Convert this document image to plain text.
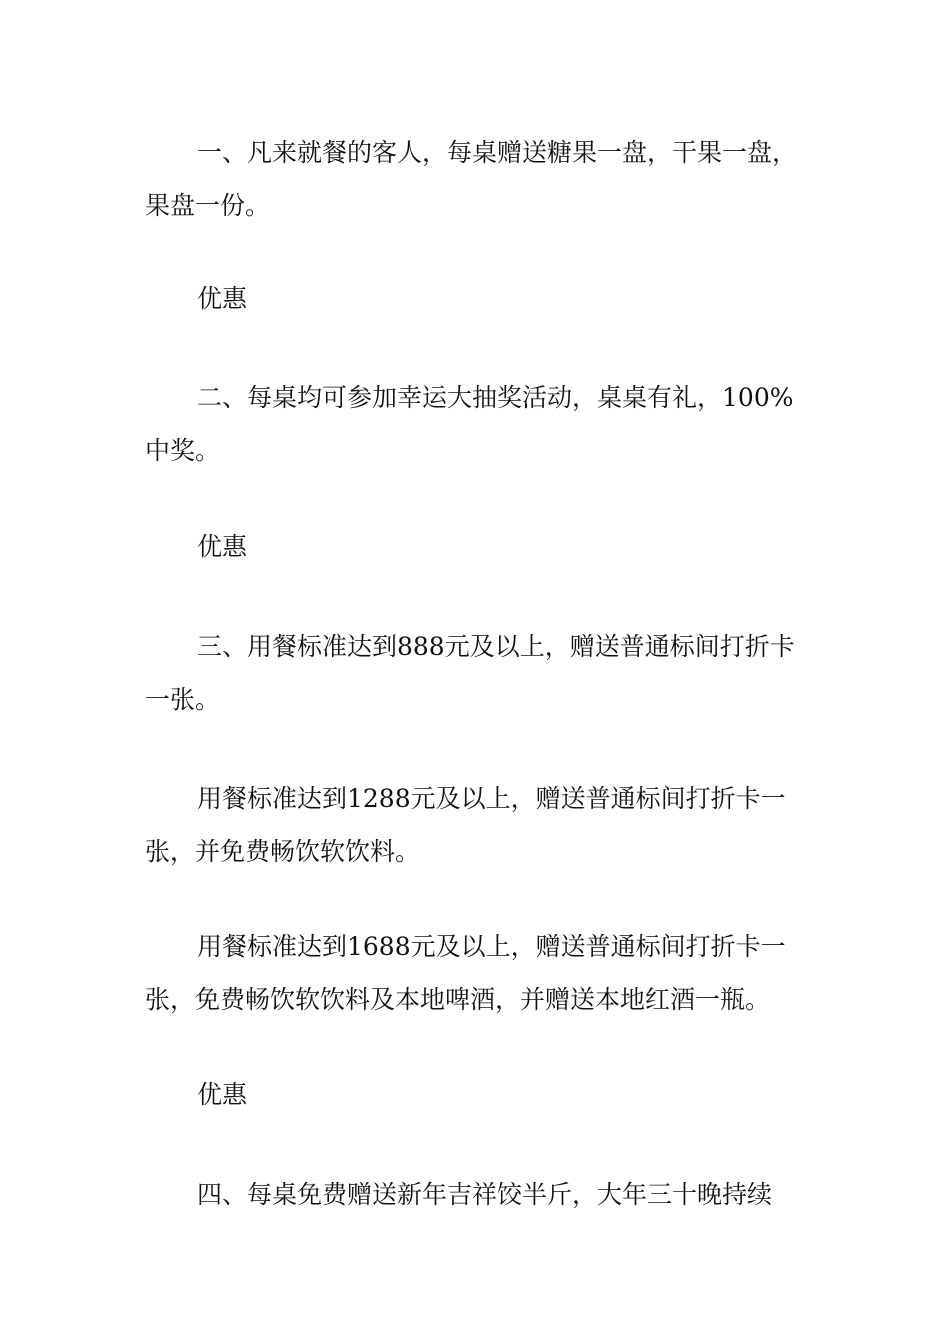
一、凡来就餐的客人，每桌赠送糖果一盘，干果一盘，果盘一份。
优惠
二、每桌均可参加幸运大抽奖活动，桌桌有礼，100%中奖。
优惠
三、用餐标准达到888元及以上，赠送普通标间打折卡一张。
用餐标准达到1288元及以上，赠送普通标间打折卡一张，并免费畅饮软饮料。
用餐标准达到1688元及以上，赠送普通标间打折卡一张，免费畅饮软饮料及本地啤酒，并赠送本地红酒一瓶。
优惠
四、每桌免费赠送新年吉祥饺半斤，大年三十晚持续
